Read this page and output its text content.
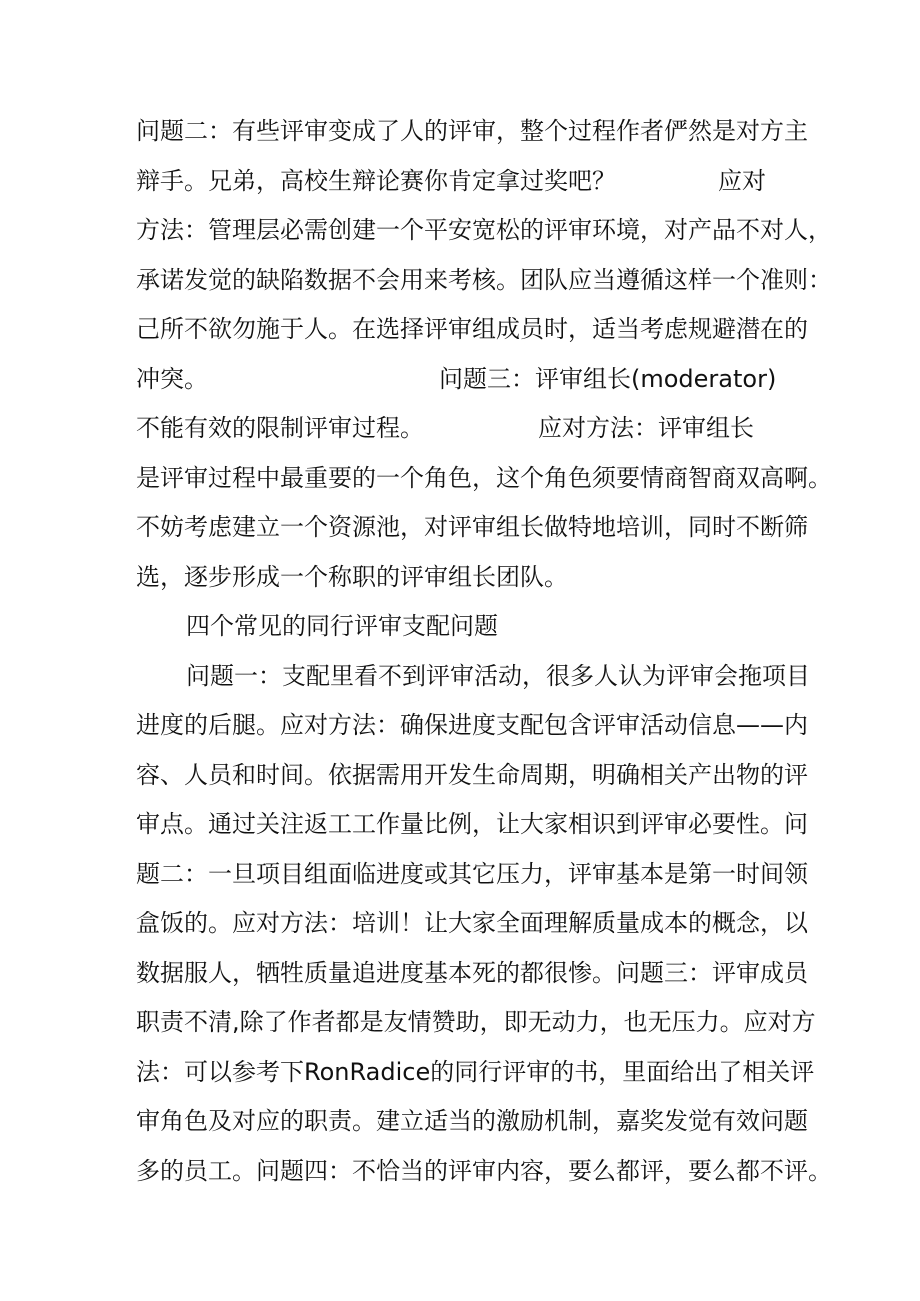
问题二：有些评审变成了人的评审，整个过程作者俨然是对方主
辩手。兄弟，高校生辩论赛你肯定拿过奖吧？	应对
方法：管理层必需创建一个平安宽松的评审环境，对产品不对人，
承诺发觉的缺陷数据不会用来考核。团队应当遵循这样一个准则：
己所不欲勿施于人。在选择评审组成员时，适当考虑规避潜在的
冲突。	问题三：评审组长(moderator)
不能有效的限制评审过程。	应对方法：评审组长
是评审过程中最重要的一个角色，这个角色须要情商智商双高啊。
不妨考虑建立一个资源池，对评审组长做特地培训，同时不断筛
选，逐步形成一个称职的评审组长团队。
四个常见的同行评审支配问题
问题一：支配里看不到评审活动，很多人认为评审会拖项目
进度的后腿。应对方法：确保进度支配包含评审活动信息——内
容、人员和时间。依据需用开发生命周期，明确相关产出物的评
审点。通过关注返工工作量比例，让大家相识到评审必要性。问
题二：一旦项目组面临进度或其它压力，评审基本是第一时间领
盒饭的。应对方法：培训！让大家全面理解质量成本的概念，以
数据服人，牺牲质量追进度基本死的都很惨。问题三：评审成员
职责不清,除了作者都是友情赞助，即无动力，也无压力。应对方
法：可以参考下RonRadice的同行评审的书，里面给出了相关评
审角色及对应的职责。建立适当的激励机制，嘉奖发觉有效问题
多的员工。问题四：不恰当的评审内容，要么都评，要么都不评。
